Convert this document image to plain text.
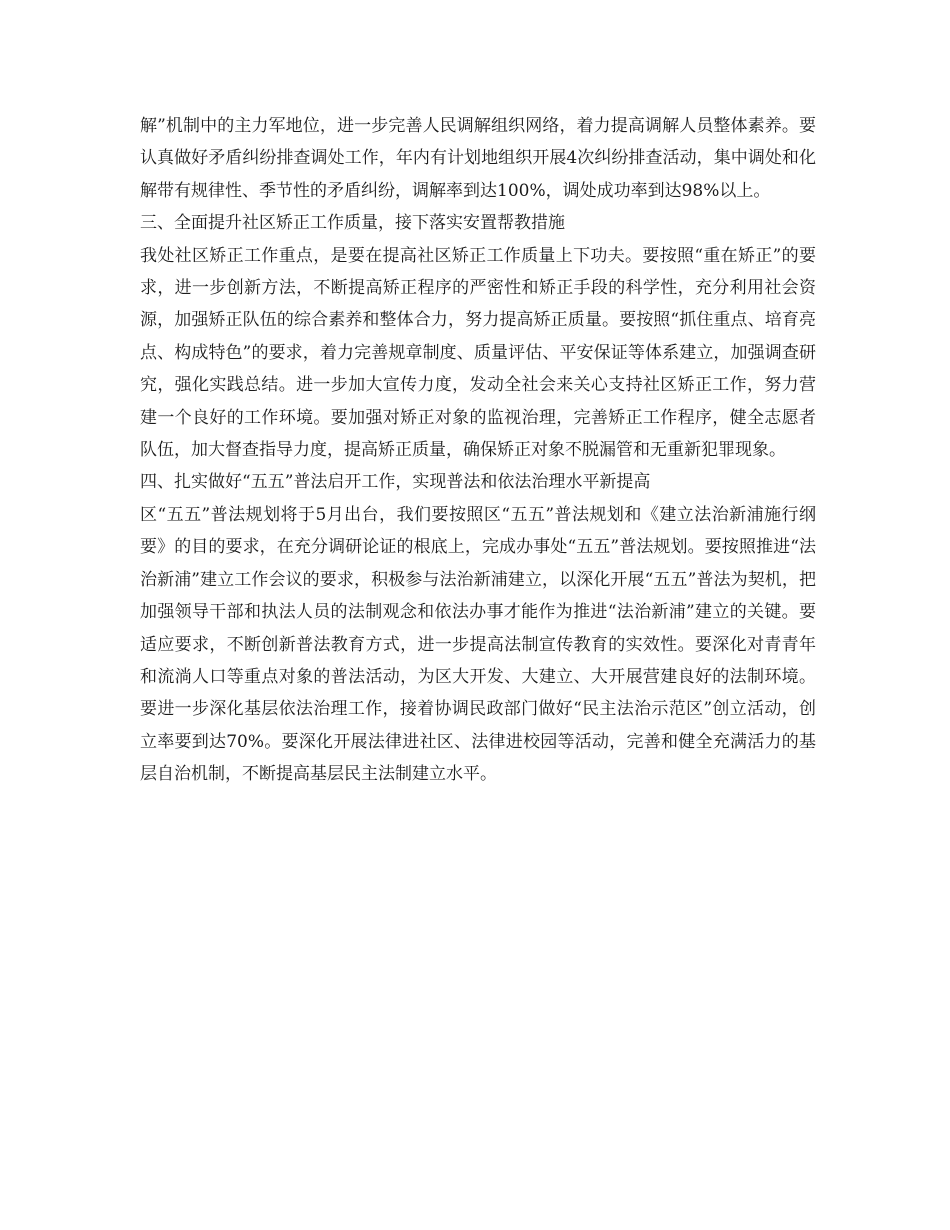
解”机制中的主力军地位，进一步完善人民调解组织网络，着力提高调解人员整体素养。要认真做好矛盾纠纷排查调处工作，年内有计划地组织开展4次纠纷排查活动，集中调处和化解带有规律性、季节性的矛盾纠纷，调解率到达100%，调处成功率到达98%以上。

三、全面提升社区矫正工作质量，接下落实安置帮教措施

我处社区矫正工作重点，是要在提高社区矫正工作质量上下功夫。要按照“重在矫正”的要求，进一步创新方法，不断提高矫正程序的严密性和矫正手段的科学性，充分利用社会资源，加强矫正队伍的综合素养和整体合力，努力提高矫正质量。要按照“抓住重点、培育亮点、构成特色”的要求，着力完善规章制度、质量评估、平安保证等体系建立，加强调查研究，强化实践总结。进一步加大宣传力度，发动全社会来关心支持社区矫正工作，努力营建一个良好的工作环境。要加强对矫正对象的监视治理，完善矫正工作程序，健全志愿者队伍，加大督查指导力度，提高矫正质量，确保矫正对象不脱漏管和无重新犯罪现象。

四、扎实做好“五五”普法启开工作，实现普法和依法治理水平新提高

区“五五”普法规划将于5月出台，我们要按照区“五五”普法规划和《建立法治新浦施行纲要》的目的要求，在充分调研论证的根底上，完成办事处“五五”普法规划。要按照推进“法治新浦”建立工作会议的要求，积极参与法治新浦建立，以深化开展“五五”普法为契机，把加强领导干部和执法人员的法制观念和依法办事才能作为推进“法治新浦”建立的关键。要适应要求，不断创新普法教育方式，进一步提高法制宣传教育的实效性。要深化对青青年和流淌人口等重点对象的普法活动，为区大开发、大建立、大开展营建良好的法制环境。要进一步深化基层依法治理工作，接着协调民政部门做好“民主法治示范区”创立活动，创立率要到达70%。要深化开展法律进社区、法律进校园等活动，完善和健全充满活力的基层自治机制，不断提高基层民主法制建立水平。
